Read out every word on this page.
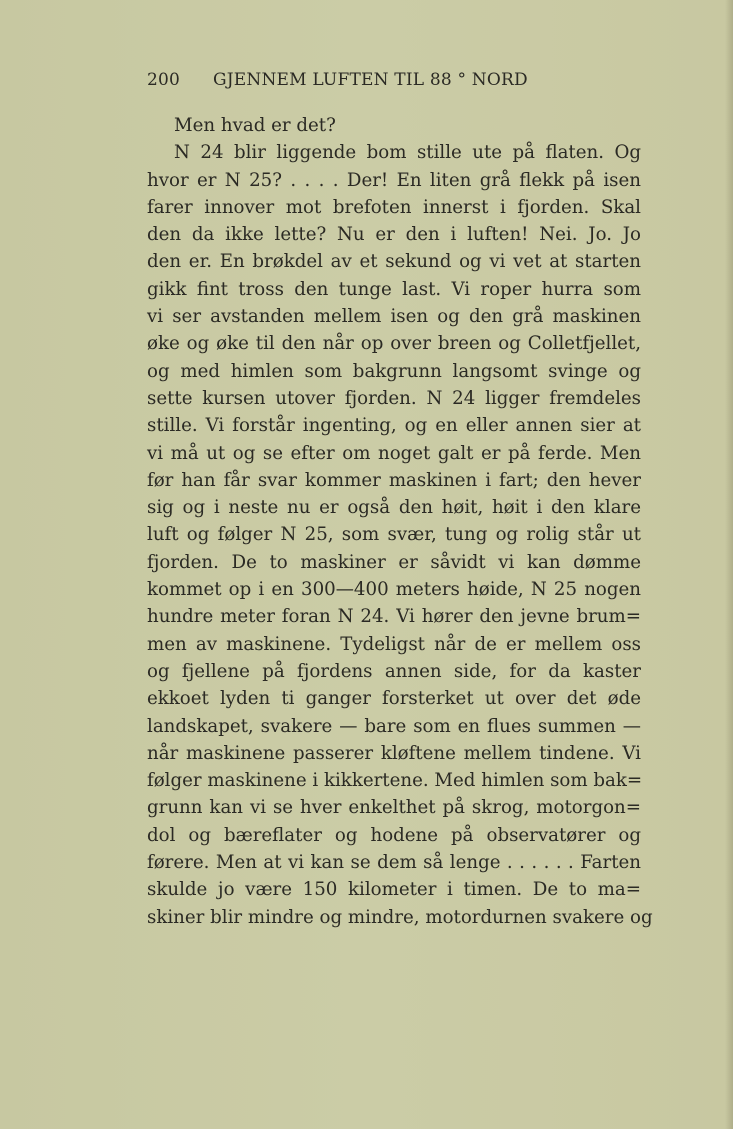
200 GJENNEM LUFTEN TIL 88 ° NORD
Men hvad er det?
N 24 blir liggende bom stille ute på flaten. Og
hvor er N 25? . . . . Der! En liten grå flekk på isen
farer innover mot brefoten innerst i fjorden. Skal
den da ikke lette? Nu er den i luften! Nei. Jo. Jo
den er. En brøkdel av et sekund og vi vet at starten
gikk fint tross den tunge last. Vi roper hurra som
vi ser avstanden mellem isen og den grå maskinen
øke og øke til den når op over breen og Colletfjellet,
og med himlen som bakgrunn langsomt svinge og
sette kursen utover fjorden. N 24 ligger fremdeles
stille. Vi forstår ingenting, og en eller annen sier at
vi må ut og se efter om noget galt er på ferde. Men
før han får svar kommer maskinen i fart; den hever
sig og i neste nu er også den høit, høit i den klare
luft og følger N 25, som svær, tung og rolig står ut
fjorden. De to maskiner er såvidt vi kan dømme
kommet op i en 300—400 meters høide, N 25 nogen
hundre meter foran N 24. Vi hører den jevne brum=
men av maskinene. Tydeligst når de er mellem oss
og fjellene på fjordens annen side, for da kaster
ekkoet lyden ti ganger forsterket ut over det øde
landskapet, svakere — bare som en flues summen —
når maskinene passerer kløftene mellem tindene. Vi
følger maskinene i kikkertene. Med himlen som bak=
grunn kan vi se hver enkelthet på skrog, motorgon=
dol og bæreflater og hodene på observatører og
førere. Men at vi kan se dem så lenge . . . . . . Farten
skulde jo være 150 kilometer i timen. De to ma=
skiner blir mindre og mindre, motordurnen svakere og
